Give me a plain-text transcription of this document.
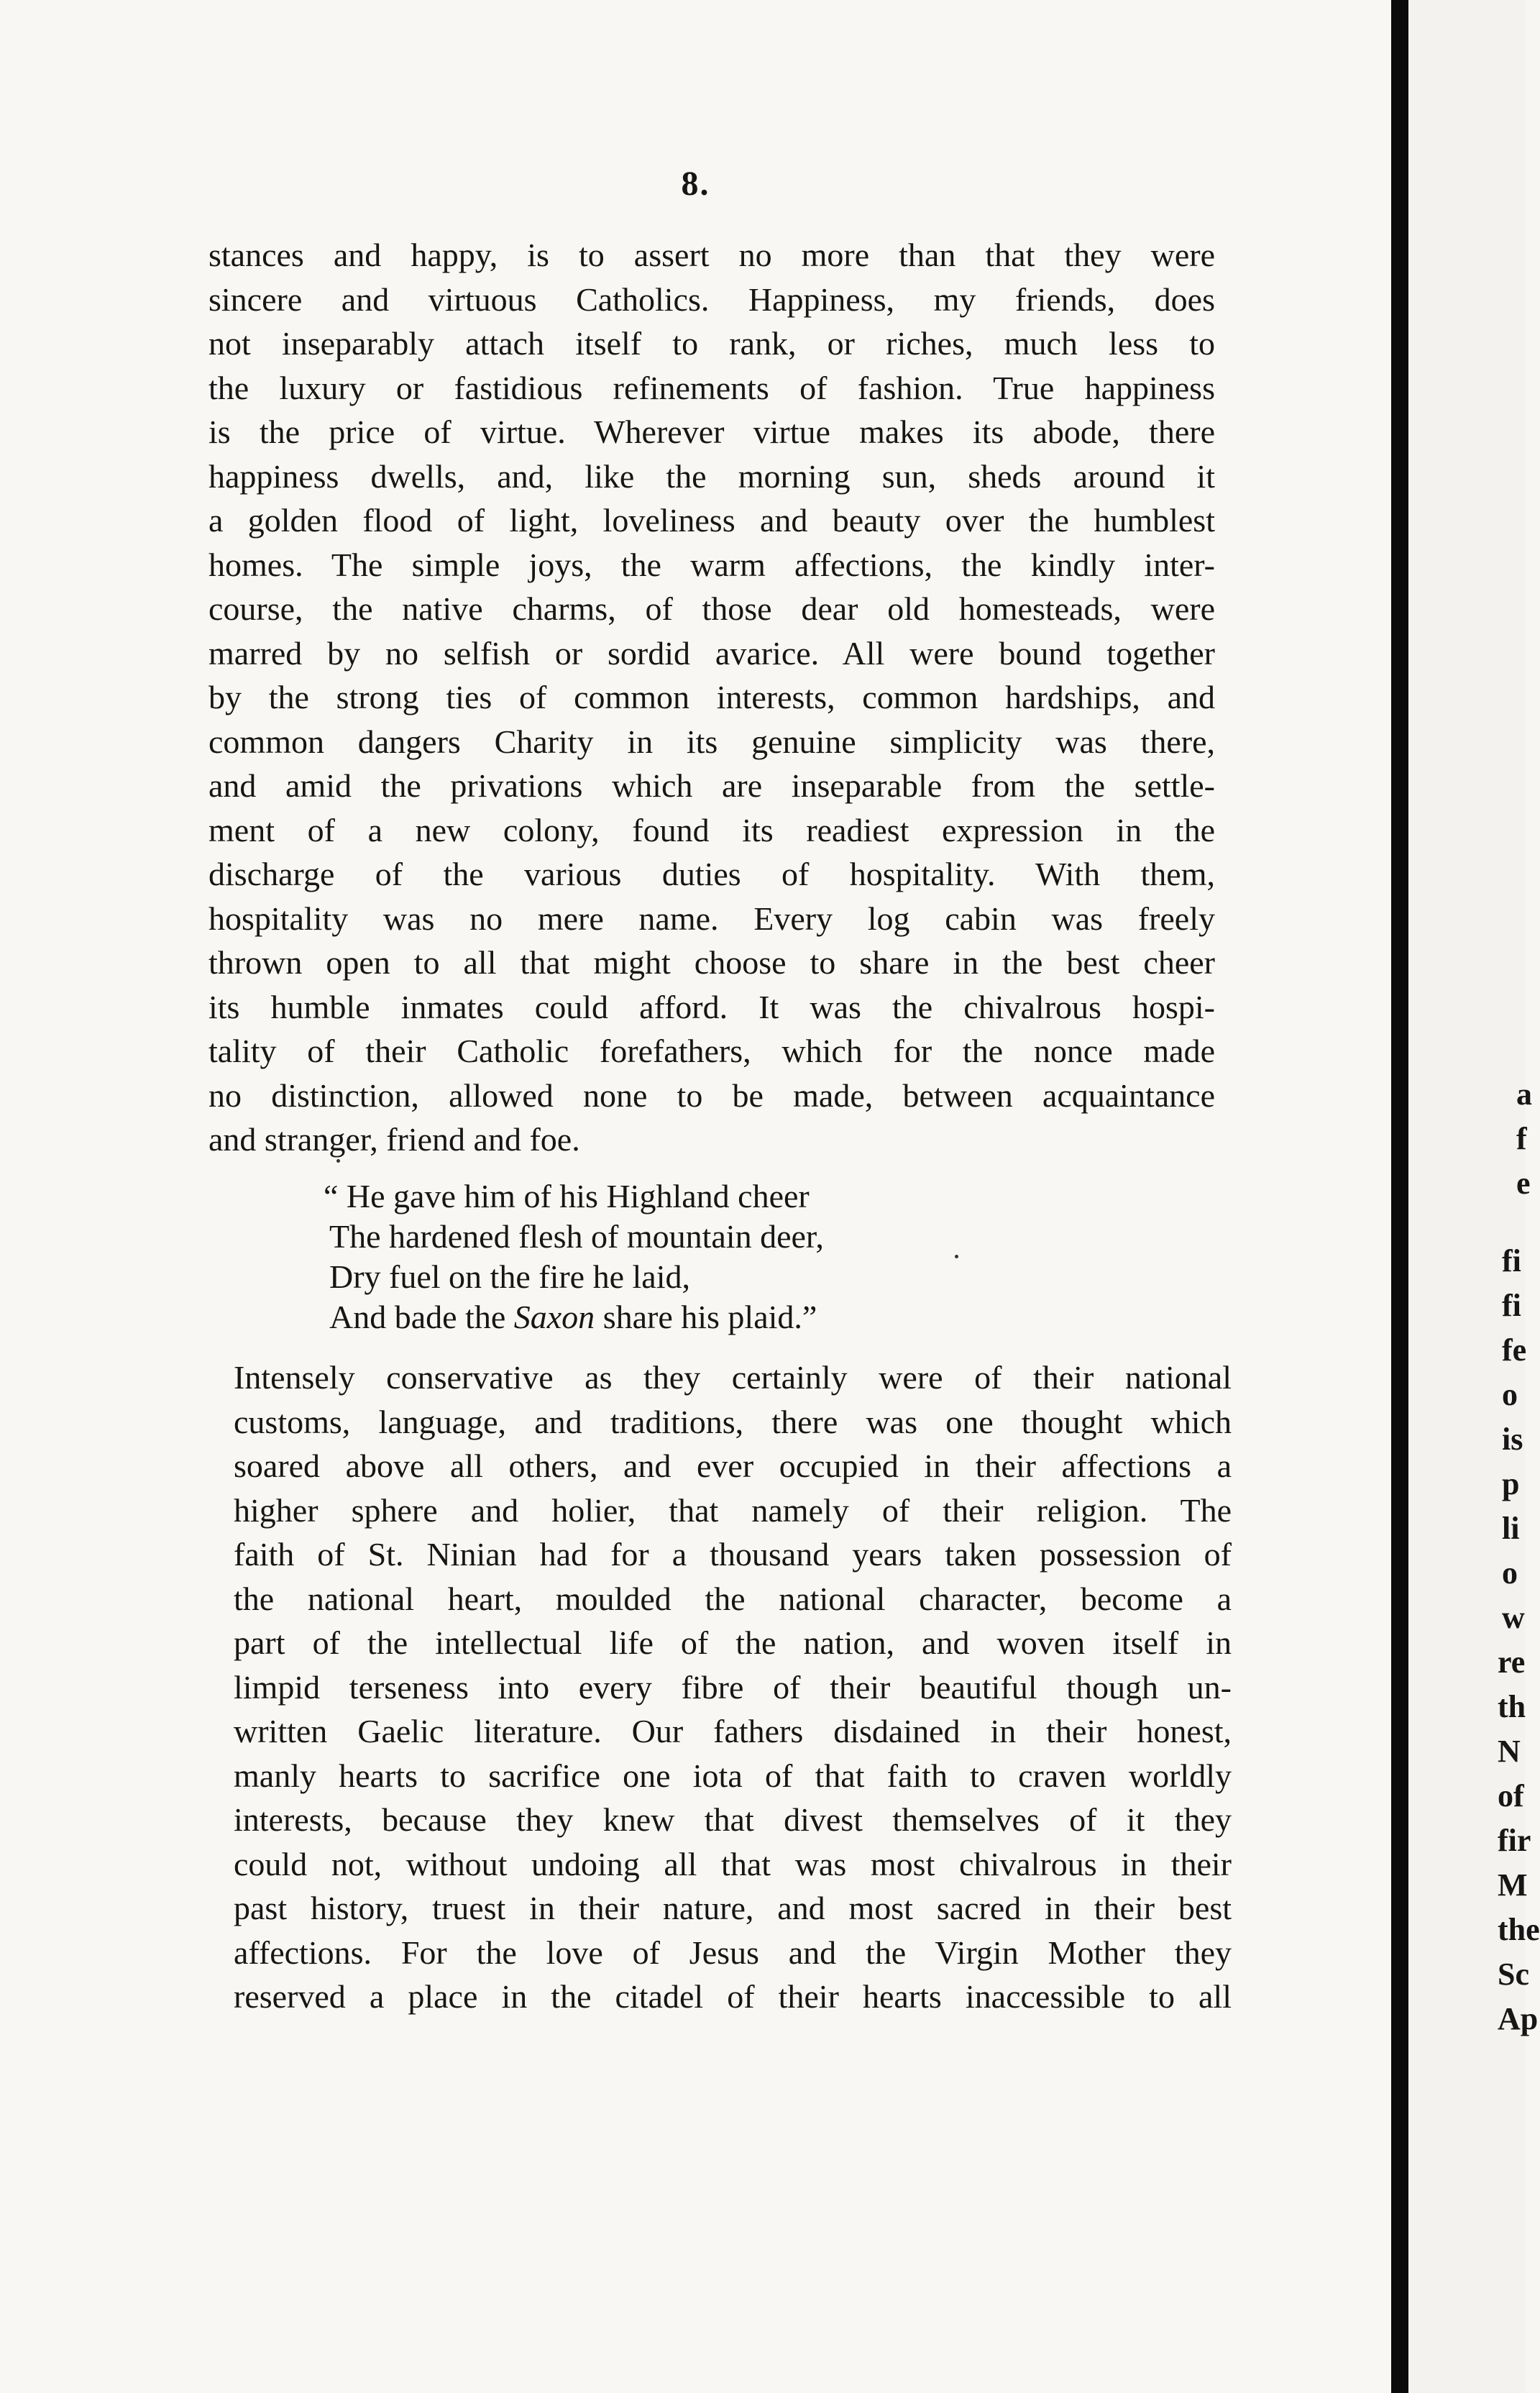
8.
stances and happy, is to assert no more than that they were
sincere and virtuous Catholics. Happiness, my friends, does
not inseparably attach itself to rank, or riches, much less to
the luxury or fastidious refinements of fashion. True happiness
is the price of virtue. Wherever virtue makes its abode, there
happiness dwells, and, like the morning sun, sheds around it
a golden flood of light, loveliness and beauty over the humblest
homes. The simple joys, the warm affections, the kindly inter-
course, the native charms, of those dear old homesteads, were
marred by no selfish or sordid avarice. All were bound together
by the strong ties of common interests, common hardships, and
common dangers Charity in its genuine simplicity was there,
and amid the privations which are inseparable from the settle-
ment of a new colony, found its readiest expression in the
discharge of the various duties of hospitality. With them,
hospitality was no mere name. Every log cabin was freely
thrown open to all that might choose to share in the best cheer
its humble inmates could afford. It was the chivalrous hospi-
tality of their Catholic forefathers, which for the nonce made
no distinction, allowed none to be made, between acquaintance
and stranger, friend and foe.
“ He gave him of his Highland cheer
The hardened flesh of mountain deer,
Dry fuel on the fire he laid,
And bade the Saxon share his plaid.”
Intensely conservative as they certainly were of their national
customs, language, and traditions, there was one thought which
soared above all others, and ever occupied in their affections a
higher sphere and holier, that namely of their religion. The
faith of St. Ninian had for a thousand years taken possession of
the national heart, moulded the national character, become a
part of the intellectual life of the nation, and woven itself in
limpid terseness into every fibre of their beautiful though un-
written Gaelic literature. Our fathers disdained in their honest,
manly hearts to sacrifice one iota of that faith to craven worldly
interests, because they knew that divest themselves of it they
could not, without undoing all that was most chivalrous in their
past history, truest in their nature, and most sacred in their best
affections. For the love of Jesus and the Virgin Mother they
reserved a place in the citadel of their hearts inaccessible to all
a
f
e
fi
fi
fe
o
is
p
li
o
w
re
th
N
of
fir
M
the
Sc
Ap
